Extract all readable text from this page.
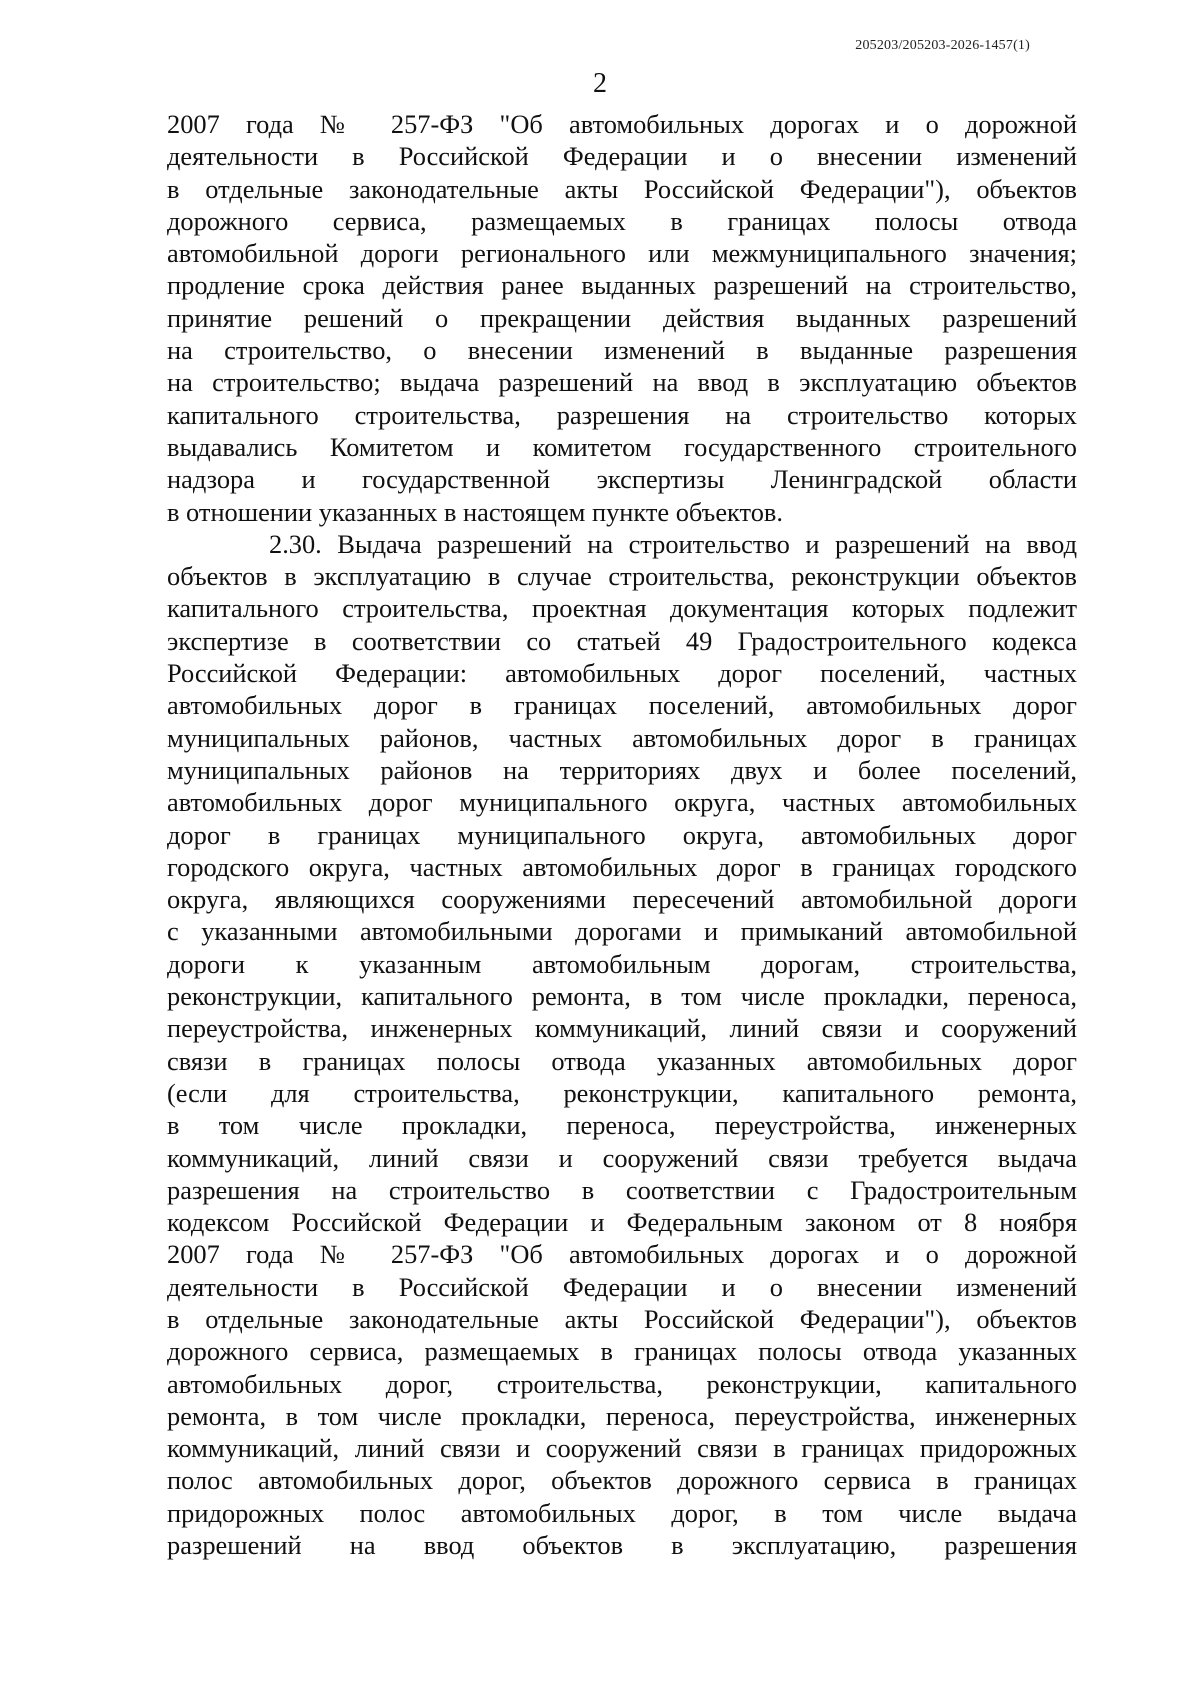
205203/205203-2026-1457(1)
2
2007 года № 257-ФЗ "Об автомобильных дорогах и о дорожной
деятельности в Российской Федерации и о внесении изменений
в отдельные законодательные акты Российской Федерации"), объектов
дорожного сервиса, размещаемых в границах полосы отвода
автомобильной дороги регионального или межмуниципального значения;
продление срока действия ранее выданных разрешений на строительство,
принятие решений о прекращении действия выданных разрешений
на строительство, о внесении изменений в выданные разрешения
на строительство; выдача разрешений на ввод в эксплуатацию объектов
капитального строительства, разрешения на строительство которых
выдавались Комитетом и комитетом государственного строительного
надзора и государственной экспертизы Ленинградской области
в отношении указанных в настоящем пункте объектов.
2.30. Выдача разрешений на строительство и разрешений на ввод
объектов в эксплуатацию в случае строительства, реконструкции объектов
капитального строительства, проектная документация которых подлежит
экспертизе в соответствии со статьей 49 Градостроительного кодекса
Российской Федерации: автомобильных дорог поселений, частных
автомобильных дорог в границах поселений, автомобильных дорог
муниципальных районов, частных автомобильных дорог в границах
муниципальных районов на территориях двух и более поселений,
автомобильных дорог муниципального округа, частных автомобильных
дорог в границах муниципального округа, автомобильных дорог
городского округа, частных автомобильных дорог в границах городского
округа, являющихся сооружениями пересечений автомобильной дороги
с указанными автомобильными дорогами и примыканий автомобильной
дороги к указанным автомобильным дорогам, строительства,
реконструкции, капитального ремонта, в том числе прокладки, переноса,
переустройства, инженерных коммуникаций, линий связи и сооружений
связи в границах полосы отвода указанных автомобильных дорог
(если для строительства, реконструкции, капитального ремонта,
в том числе прокладки, переноса, переустройства, инженерных
коммуникаций, линий связи и сооружений связи требуется выдача
разрешения на строительство в соответствии с Градостроительным
кодексом Российской Федерации и Федеральным законом от 8 ноября
2007 года № 257-ФЗ "Об автомобильных дорогах и о дорожной
деятельности в Российской Федерации и о внесении изменений
в отдельные законодательные акты Российской Федерации"), объектов
дорожного сервиса, размещаемых в границах полосы отвода указанных
автомобильных дорог, строительства, реконструкции, капитального
ремонта, в том числе прокладки, переноса, переустройства, инженерных
коммуникаций, линий связи и сооружений связи в границах придорожных
полос автомобильных дорог, объектов дорожного сервиса в границах
придорожных полос автомобильных дорог, в том числе выдача
разрешений на ввод объектов в эксплуатацию, разрешения
